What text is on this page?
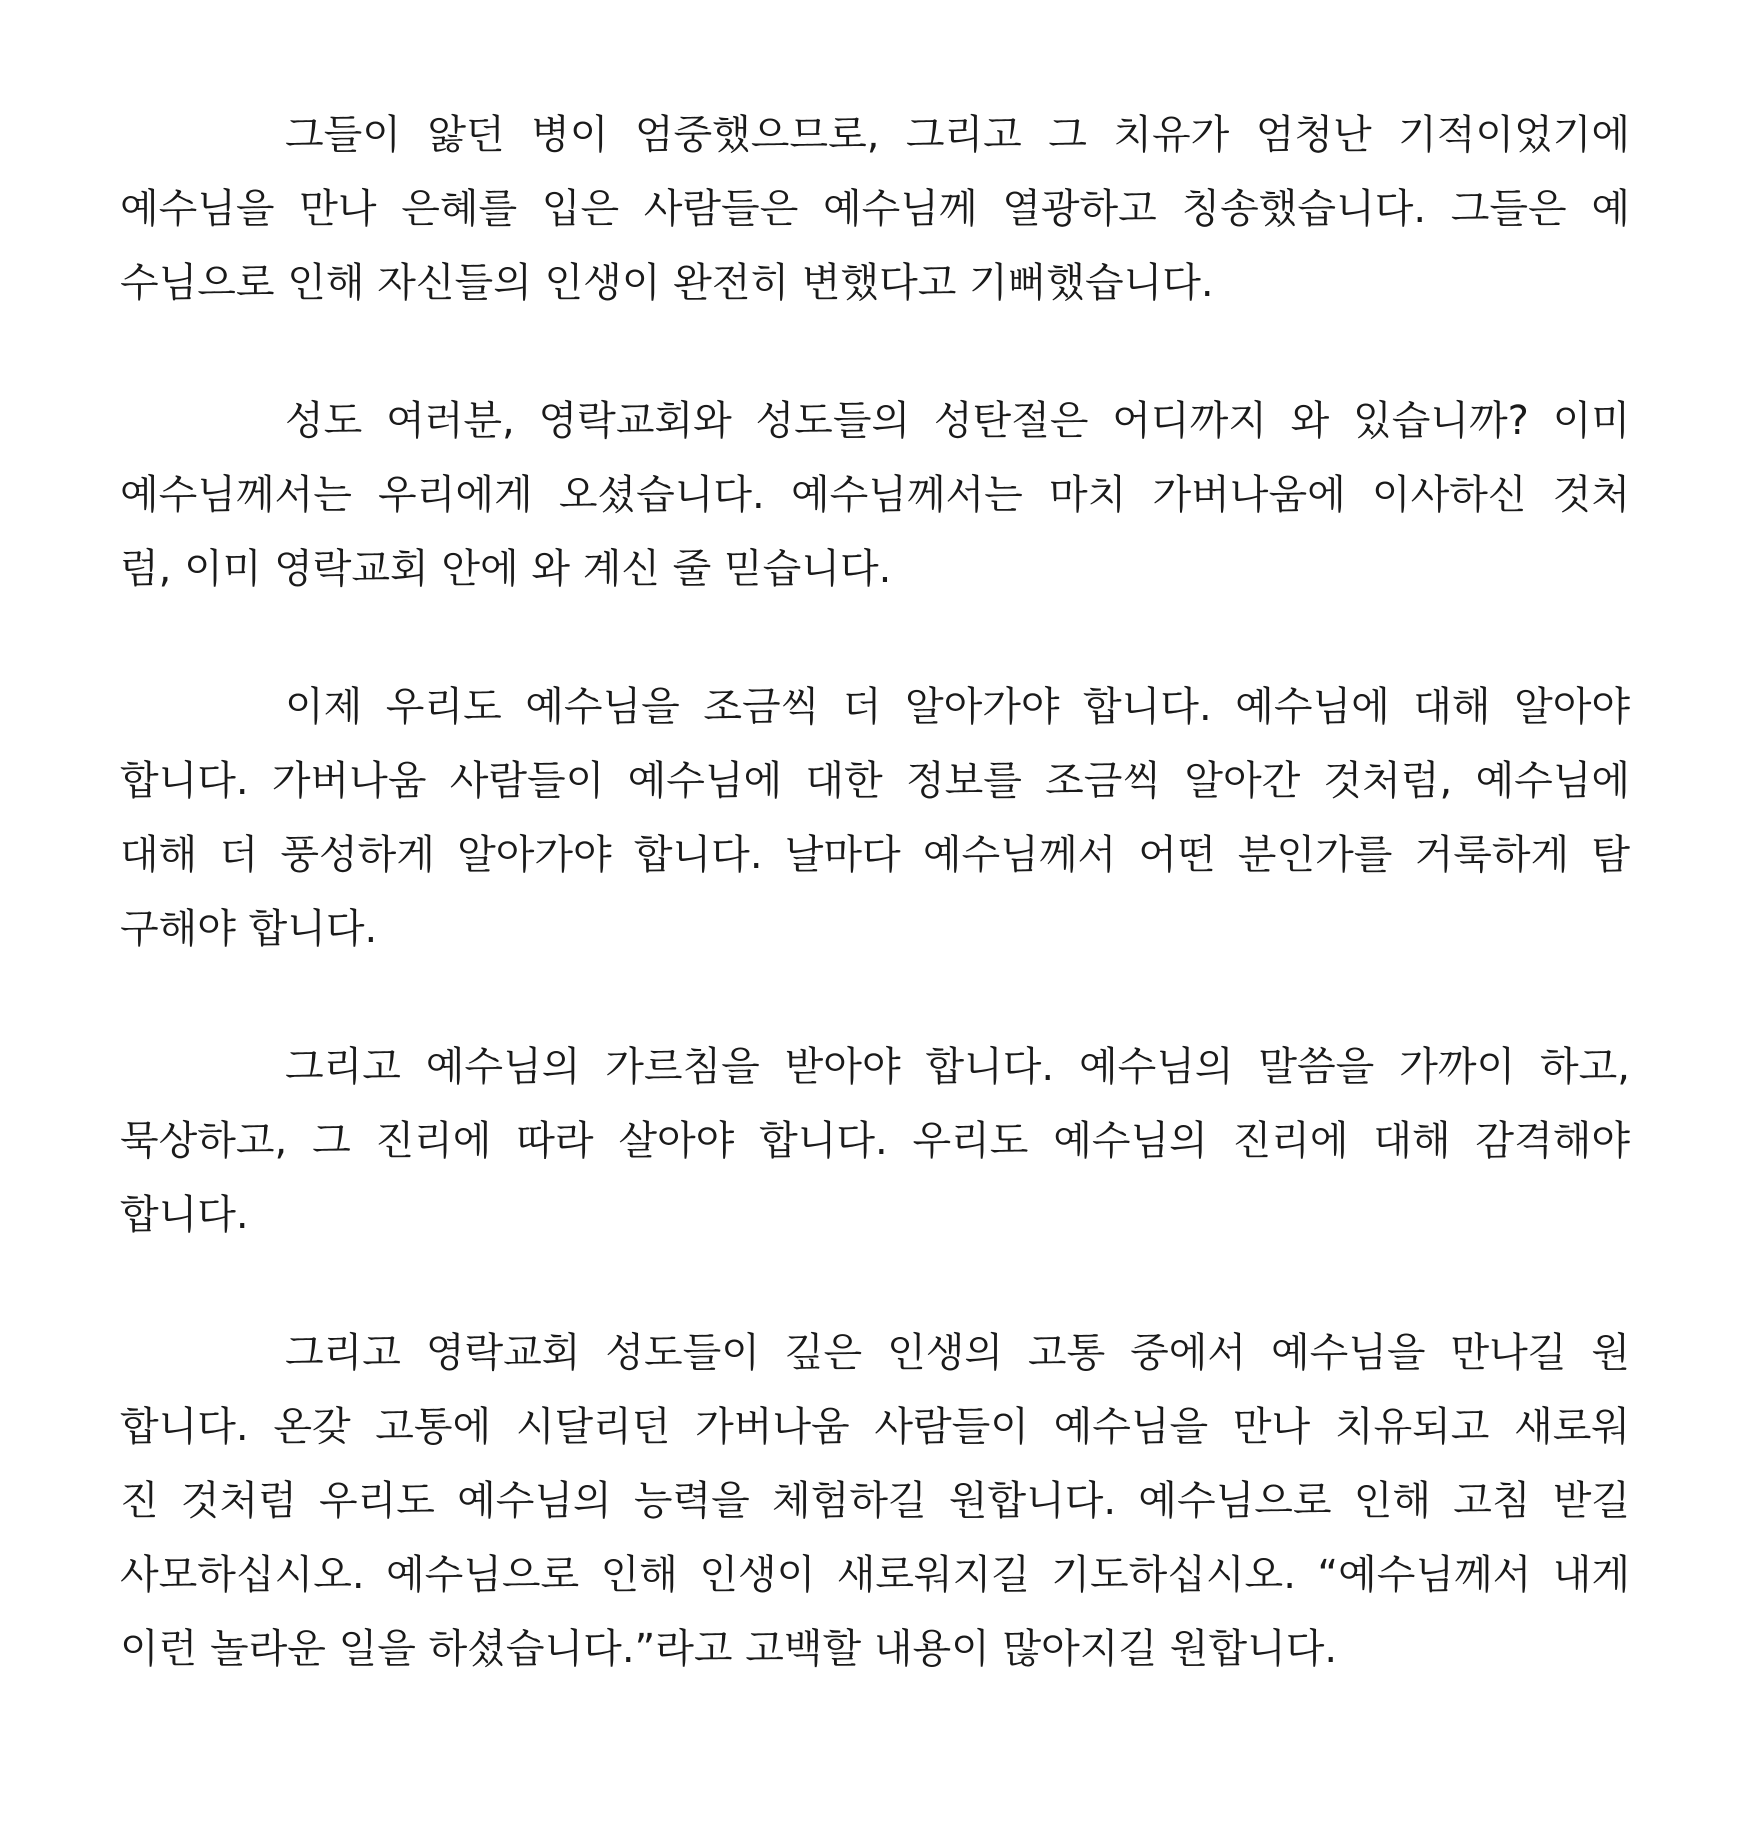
그들이 앓던 병이 엄중했으므로, 그리고 그 치유가 엄청난 기적이었기에
예수님을 만나 은혜를 입은 사람들은 예수님께 열광하고 칭송했습니다. 그들은 예
수님으로 인해 자신들의 인생이 완전히 변했다고 기뻐했습니다.
성도 여러분, 영락교회와 성도들의 성탄절은 어디까지 와 있습니까? 이미
예수님께서는 우리에게 오셨습니다. 예수님께서는 마치 가버나움에 이사하신 것처
럼, 이미 영락교회 안에 와 계신 줄 믿습니다.
이제 우리도 예수님을 조금씩 더 알아가야 합니다. 예수님에 대해 알아야
합니다. 가버나움 사람들이 예수님에 대한 정보를 조금씩 알아간 것처럼, 예수님에
대해 더 풍성하게 알아가야 합니다. 날마다 예수님께서 어떤 분인가를 거룩하게 탐
구해야 합니다.
그리고 예수님의 가르침을 받아야 합니다. 예수님의 말씀을 가까이 하고,
묵상하고, 그 진리에 따라 살아야 합니다. 우리도 예수님의 진리에 대해 감격해야
합니다.
그리고 영락교회 성도들이 깊은 인생의 고통 중에서 예수님을 만나길 원
합니다. 온갖 고통에 시달리던 가버나움 사람들이 예수님을 만나 치유되고 새로워
진 것처럼 우리도 예수님의 능력을 체험하길 원합니다. 예수님으로 인해 고침 받길
사모하십시오. 예수님으로 인해 인생이 새로워지길 기도하십시오. “예수님께서 내게
이런 놀라운 일을 하셨습니다.”라고 고백할 내용이 많아지길 원합니다.
